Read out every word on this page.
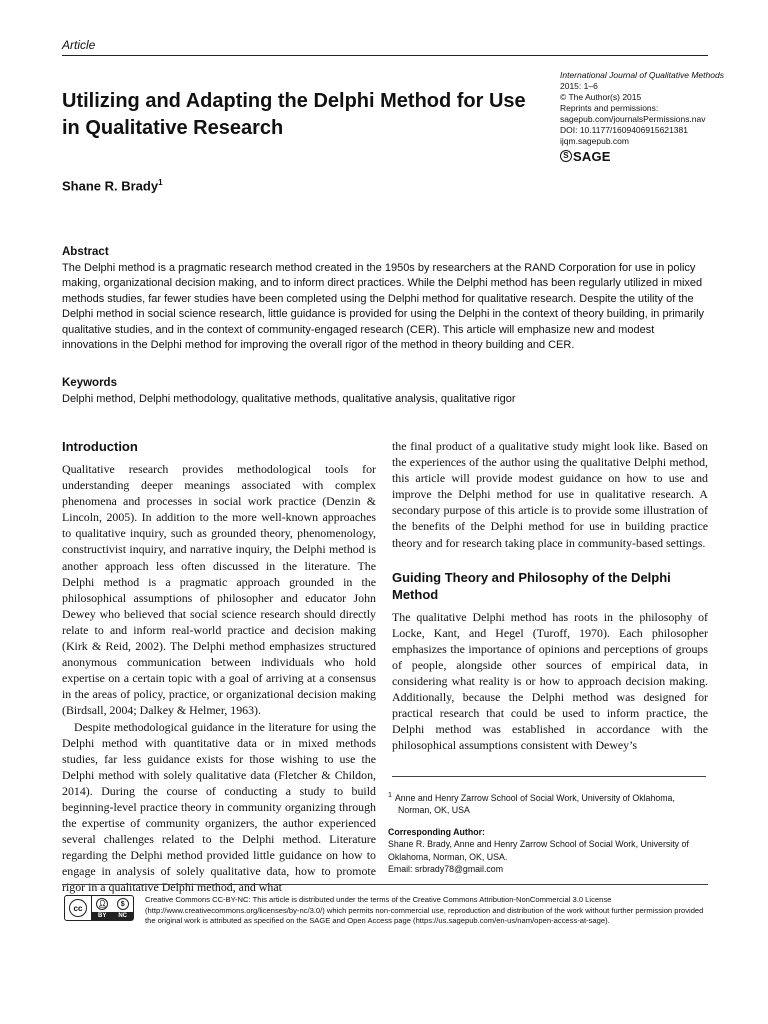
Article
International Journal of Qualitative Methods
2015: 1–6
© The Author(s) 2015
Reprints and permissions:
sagepub.com/journalsPermissions.nav
DOI: 10.1177/1609406915621381
ijqm.sagepub.com
S SAGE
Utilizing and Adapting the Delphi Method for Use in Qualitative Research
Shane R. Brady$^1$

Abstract

The Delphi method is a pragmatic research method created in the 1950s by researchers at the RAND Corporation for use in policy making, organizational decision making, and to inform direct practices. While the Delphi method has been regularly utilized in mixed methods studies, far fewer studies have been completed using the Delphi method for qualitative research. Despite the utility of the Delphi method in social science research, little guidance is provided for using the Delphi in the context of theory building, in primarily qualitative studies, and in the context of community-engaged research (CER). This article will emphasize new and modest innovations in the Delphi method for improving the overall rigor of the method in theory building and CER.

Keywords

Delphi method, Delphi methodology, qualitative methods, qualitative analysis, qualitative rigor

Introduction

Qualitative research provides methodological tools for understanding deeper meanings associated with complex phenomena and processes in social work practice (Denzin & Lincoln, 2005). In addition to the more well-known approaches to qualitative inquiry, such as grounded theory, phenomenology, constructivist inquiry, and narrative inquiry, the Delphi method is another approach less often discussed in the literature. The Delphi method is a pragmatic approach grounded in the philosophical assumptions of philosopher and educator John Dewey who believed that social science research should directly relate to and inform real-world practice and decision making (Kirk & Reid, 2002). The Delphi method emphasizes structured anonymous communication between individuals who hold expertise on a certain topic with a goal of arriving at a consensus in the areas of policy, practice, or organizational decision making (Birdsall, 2004; Dalkey & Helmer, 1963).

Despite methodological guidance in the literature for using the Delphi method with quantitative data or in mixed methods studies, far less guidance exists for those wishing to use the Delphi method with solely qualitative data (Fletcher & Childon, 2014). During the course of conducting a study to build beginning-level practice theory in community organizing through the expertise of community organizers, the author experienced several challenges related to the Delphi method. Literature regarding the Delphi method provided little guidance on how to engage in analysis of solely qualitative data, how to promote rigor in a qualitative Delphi method, and what

the final product of a qualitative study might look like. Based on the experiences of the author using the qualitative Delphi method, this article will provide modest guidance on how to use and improve the Delphi method for use in qualitative research. A secondary purpose of this article is to provide some illustration of the benefits of the Delphi method for use in building practice theory and for research taking place in community-based settings.

Guiding Theory and Philosophy of the Delphi Method

The qualitative Delphi method has roots in the philosophy of Locke, Kant, and Hegel (Turoff, 1970). Each philosopher emphasizes the importance of opinions and perceptions of groups of people, alongside other sources of empirical data, in considering what reality is or how to approach decision making. Additionally, because the Delphi method was designed for practical research that could be used to inform practice, the Delphi method was established in accordance with the philosophical assumptions consistent with Dewey’s

$^1$ Anne and Henry Zarrow School of Social Work, University of Oklahoma,
Norman, OK, USA
Corresponding Author:
Shane R. Brady, Anne and Henry Zarrow School of Social Work, University of
Oklahoma, Norman, OK, USA.
Email: srbrady78@gmail.com
cc	👤︎	$
BY NC
Creative Commons CC-BY-NC: This article is distributed under the terms of the Creative Commons Attribution-NonCommercial 3.0 License (http://www.creativecommons.org/licenses/by-nc/3.0/) which permits non-commercial use, reproduction and distribution of the work without further permission provided the original work is attributed as specified on the SAGE and Open Access page (https://us.sagepub.com/en-us/nam/open-access-at-sage).
